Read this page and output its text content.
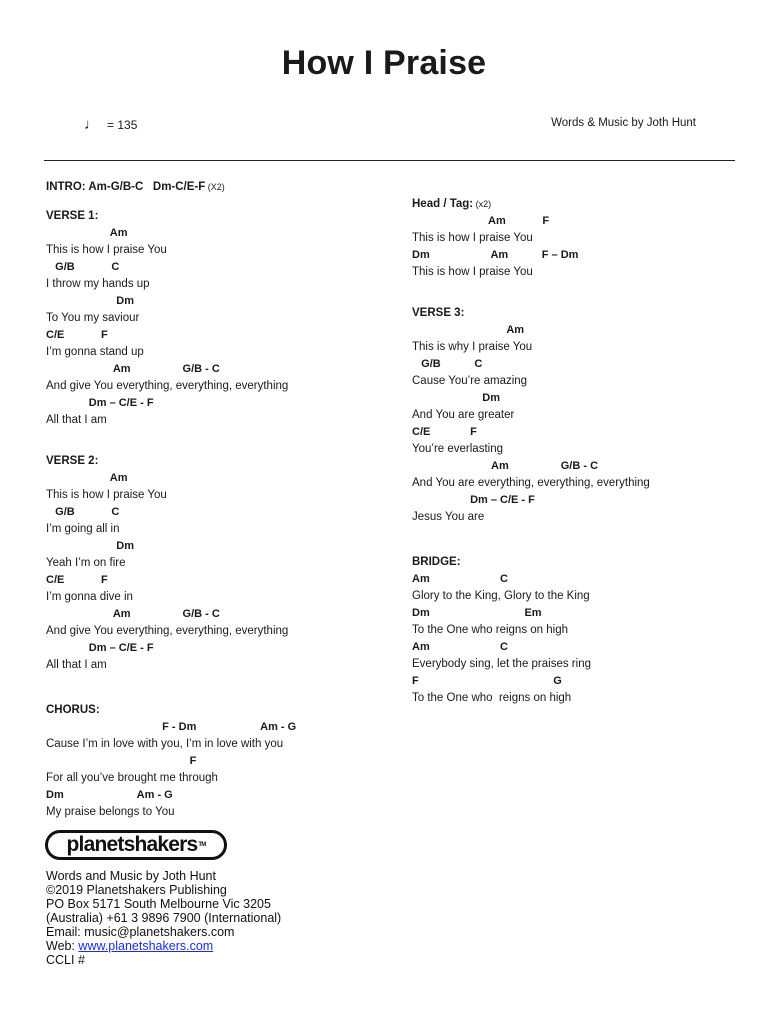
How I Praise
♩ = 135	Words & Music by Joth Hunt
INTRO: Am-G/B-C   Dm-C/E-F (X2)
VERSE 1:
Am
This is how I praise You
G/B            C
I throw my hands up
Dm
To You my saviour
C/E            F
I’m gonna stand up
Am                 G/B - C
And give You everything, everything, everything
Dm – C/E - F
All that I am
VERSE 2:
Am
This is how I praise You
G/B            C
I’m going all in
Dm
Yeah I’m on fire
C/E            F
I’m gonna dive in
Am                 G/B - C
And give You everything, everything, everything
Dm – C/E - F
All that I am
CHORUS:
F - Dm                     Am - G
Cause I’m in love with you, I’m in love with you
F
For all you’ve brought me through
Dm                        Am - G
My praise belongs to You
Head / Tag: (x2)
Am            F
This is how I praise You
Dm                    Am           F – Dm
This is how I praise You
VERSE 3:
Am
This is why I praise You
G/B           C
Cause You’re amazing
Dm
And You are greater
C/E             F
You’re everlasting
Am                 G/B - C
And You are everything, everything, everything
Dm – C/E - F
Jesus You are
BRIDGE:
Am                       C
Glory to the King, Glory to the King
Dm                               Em
To the One who reigns on high
Am                       C
Everybody sing, let the praises ring
F                                            G
To the One who  reigns on high
planetshakers TM
Words and Music by Joth Hunt
©2019 Planetshakers Publishing
PO Box 5171 South Melbourne Vic 3205
(Australia) +61 3 9896 7900 (International)
Email: music@planetshakers.com
Web: www.planetshakers.com
CCLI #
